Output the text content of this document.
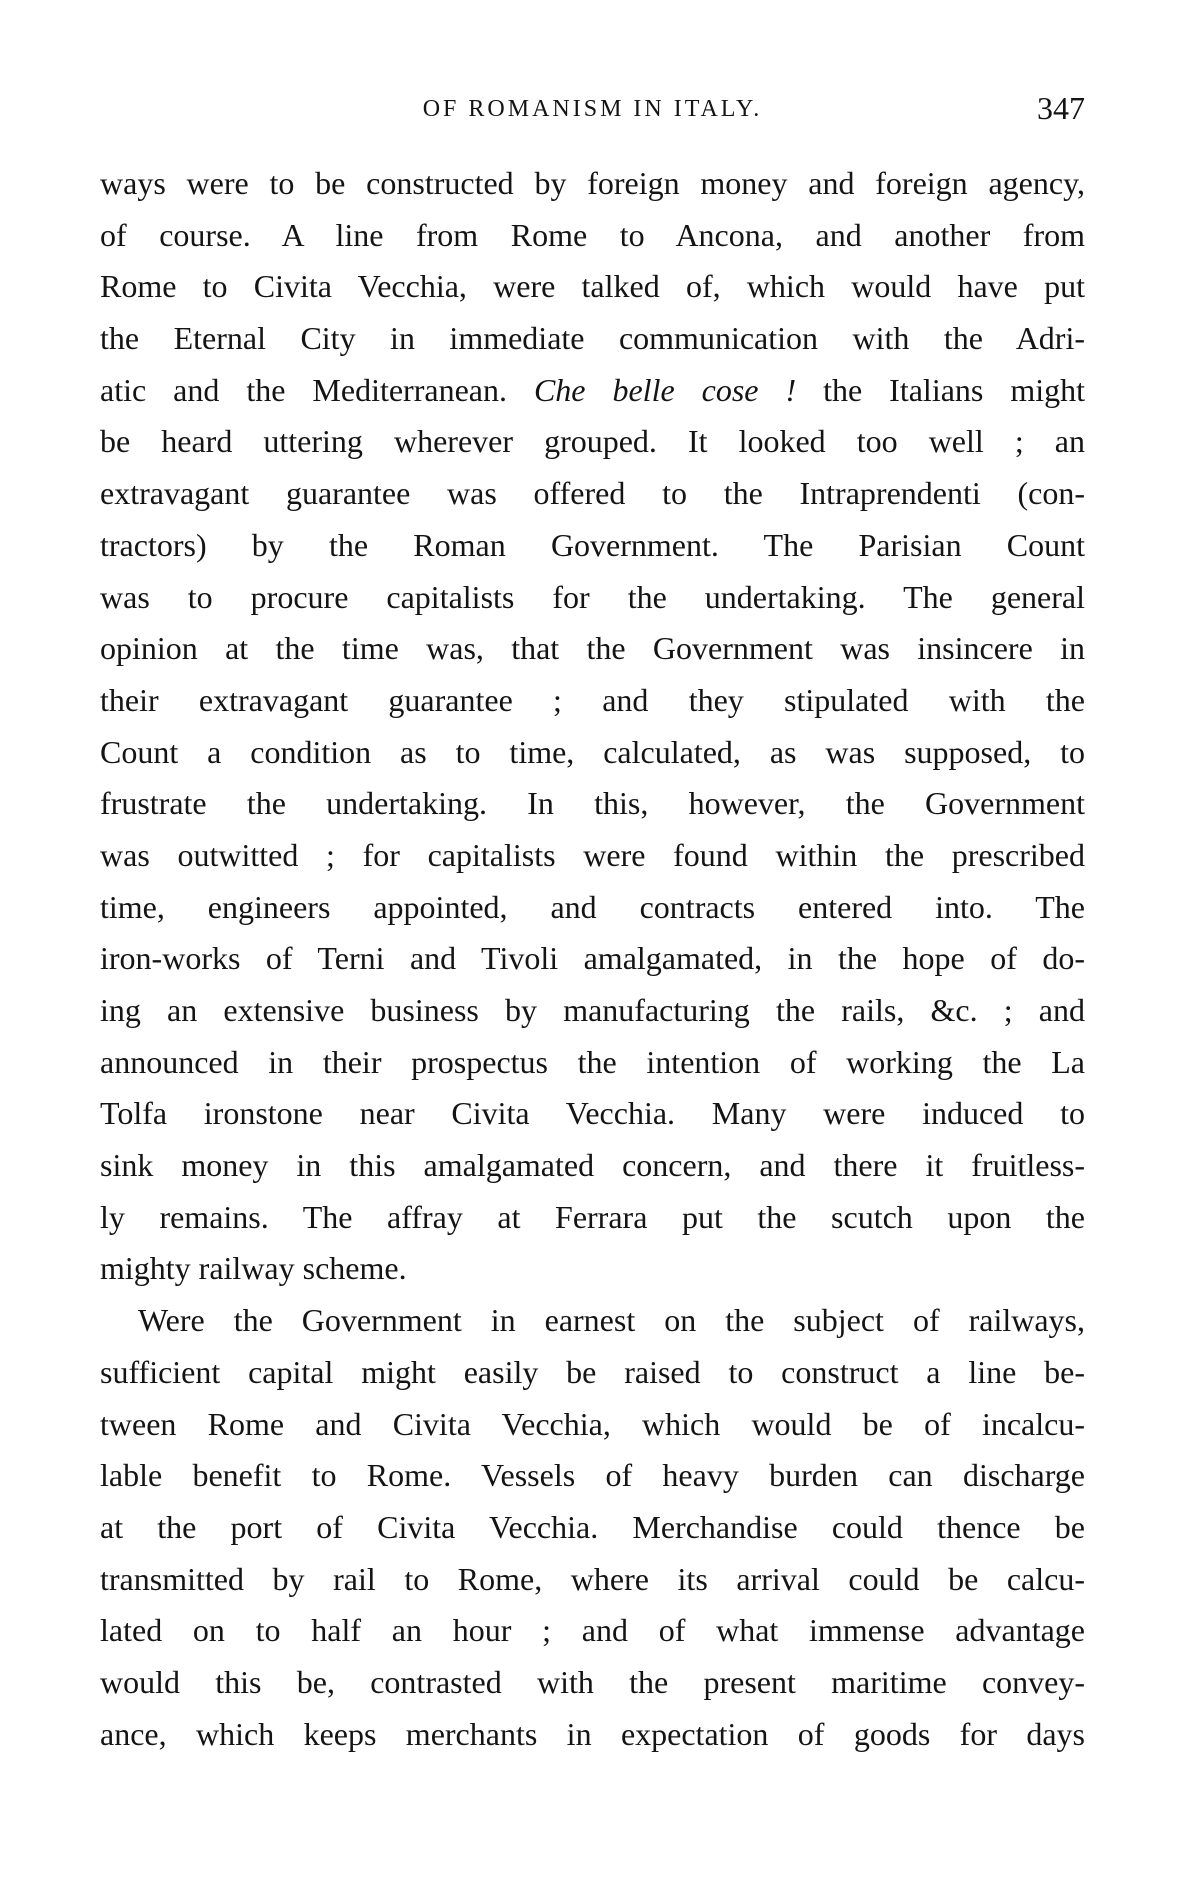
OF ROMANISM IN ITALY.	347
ways were to be constructed by foreign money and foreign agency,
of course. A line from Rome to Ancona, and another from
Rome to Civita Vecchia, were talked of, which would have put
the Eternal City in immediate communication with the Adri-
atic and the Mediterranean. Che belle cose ! the Italians might
be heard uttering wherever grouped. It looked too well ; an
extravagant guarantee was offered to the Intraprendenti (con-
tractors) by the Roman Government. The Parisian Count
was to procure capitalists for the undertaking. The general
opinion at the time was, that the Government was insincere in
their extravagant guarantee ; and they stipulated with the
Count a condition as to time, calculated, as was supposed, to
frustrate the undertaking. In this, however, the Government
was outwitted ; for capitalists were found within the prescribed
time, engineers appointed, and contracts entered into. The
iron-works of Terni and Tivoli amalgamated, in the hope of do-
ing an extensive business by manufacturing the rails, &c. ; and
announced in their prospectus the intention of working the La
Tolfa ironstone near Civita Vecchia. Many were induced to
sink money in this amalgamated concern, and there it fruitless-
ly remains. The affray at Ferrara put the scutch upon the
mighty railway scheme.
Were the Government in earnest on the subject of railways,
sufficient capital might easily be raised to construct a line be-
tween Rome and Civita Vecchia, which would be of incalcu-
lable benefit to Rome. Vessels of heavy burden can discharge
at the port of Civita Vecchia. Merchandise could thence be
transmitted by rail to Rome, where its arrival could be calcu-
lated on to half an hour ; and of what immense advantage
would this be, contrasted with the present maritime convey-
ance, which keeps merchants in expectation of goods for days
